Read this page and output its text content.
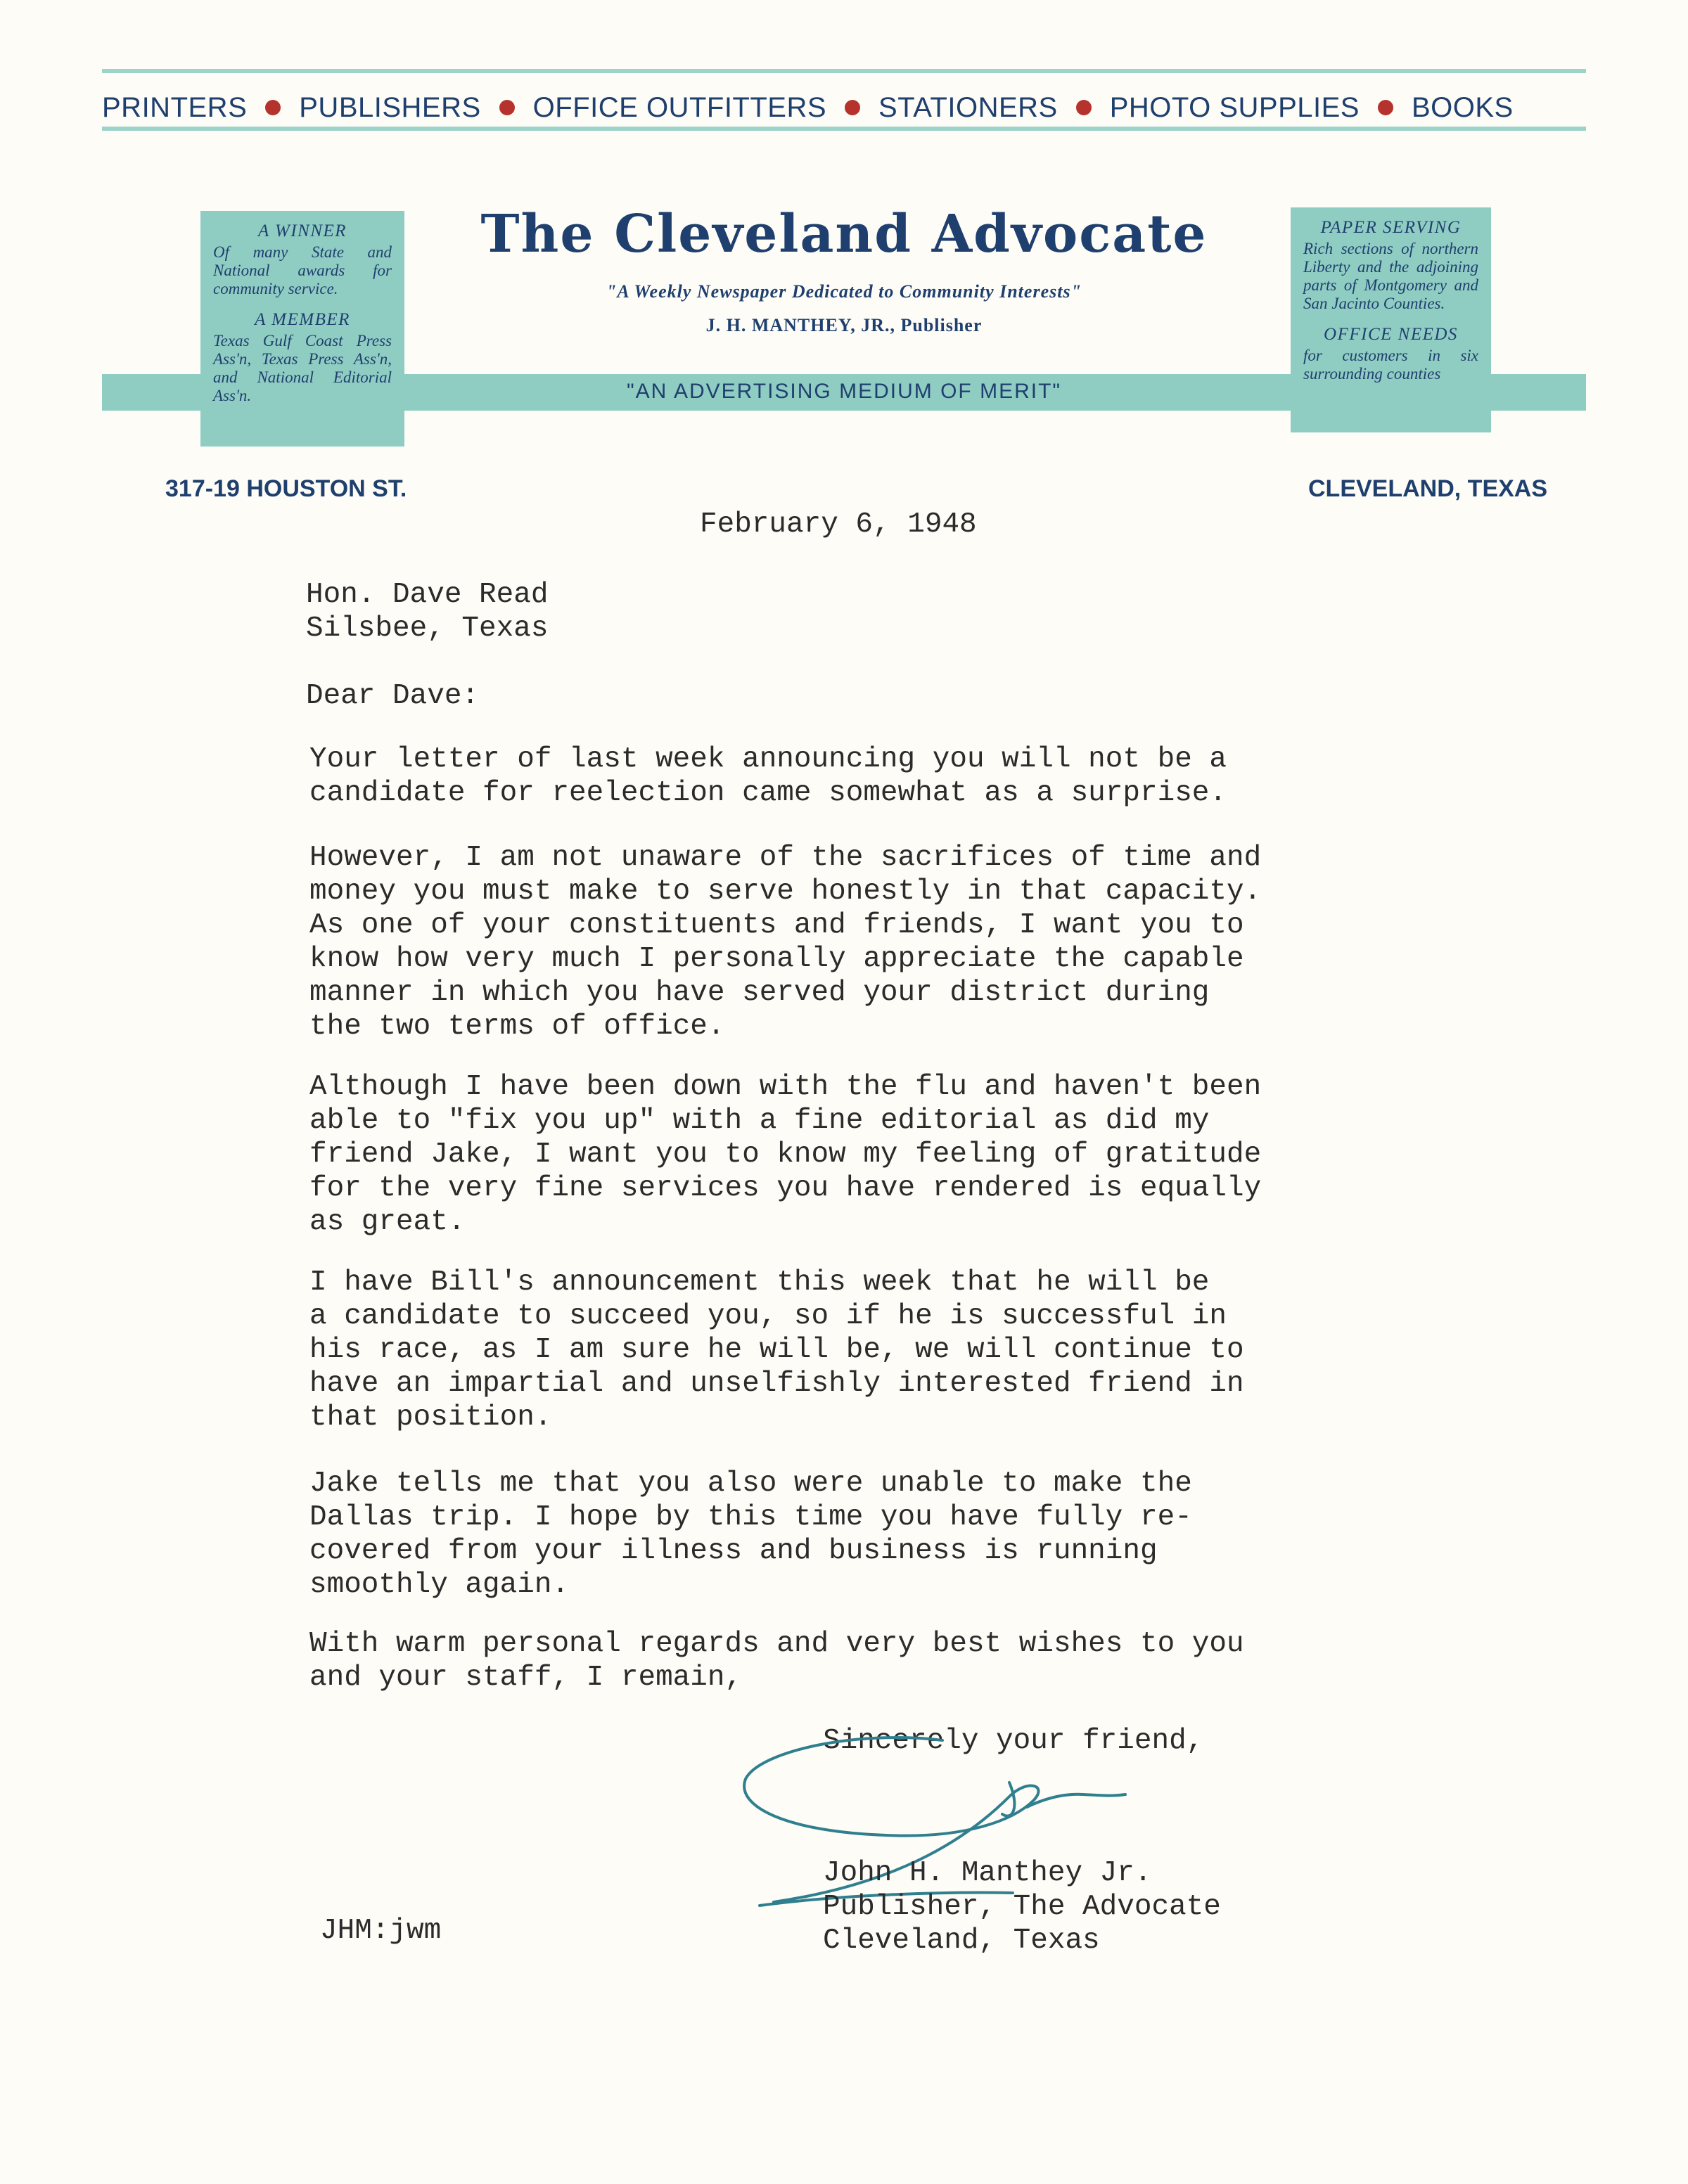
PRINTERS PUBLISHERS OFFICE OUTFITTERS STATIONERS PHOTO SUPPLIES BOOKS
A WINNER
Of many State and National awards for community service.
A MEMBER
Texas Gulf Coast Press Ass'n, Texas Press Ass'n, and National Editorial Ass'n.
PAPER SERVING
Rich sections of northern Liberty and the adjoining parts of Montgomery and San Jacinto Counties.
OFFICE NEEDS
for customers in six surrounding counties
The Cleveland Advocate
"A Weekly Newspaper Dedicated to Community Interests"
J. H. MANTHEY, JR., Publisher
"AN ADVERTISING MEDIUM OF MERIT"
317-19 HOUSTON ST.	CLEVELAND, TEXAS
February 6, 1948
Hon. Dave Read
Silsbee, Texas
Dear Dave:
Your letter of last week announcing you will not be a
candidate for reelection came somewhat as a surprise.
However, I am not unaware of the sacrifices of time and
money you must make to serve honestly in that capacity.
As one of your constituents and friends, I want you to
know how very much I personally appreciate the capable
manner in which you have served your district during
the two terms of office.
Although I have been down with the flu and haven't been
able to "fix you up" with a fine editorial as did my
friend Jake, I want you to know my feeling of gratitude
for the very fine services you have rendered is equally
as great.
I have Bill's announcement this week that he will be
a candidate to succeed you, so if he is successful in
his race, as I am sure he will be, we will continue to
have an impartial and unselfishly interested friend in
that position.
Jake tells me that you also were unable to make the
Dallas trip. I hope by this time you have fully re-
covered from your illness and business is running
smoothly again.
With warm personal regards and very best wishes to you
and your staff, I remain,
Sincerely your friend,
John H. Manthey Jr.
Publisher, The Advocate
Cleveland, Texas
JHM:jwm
